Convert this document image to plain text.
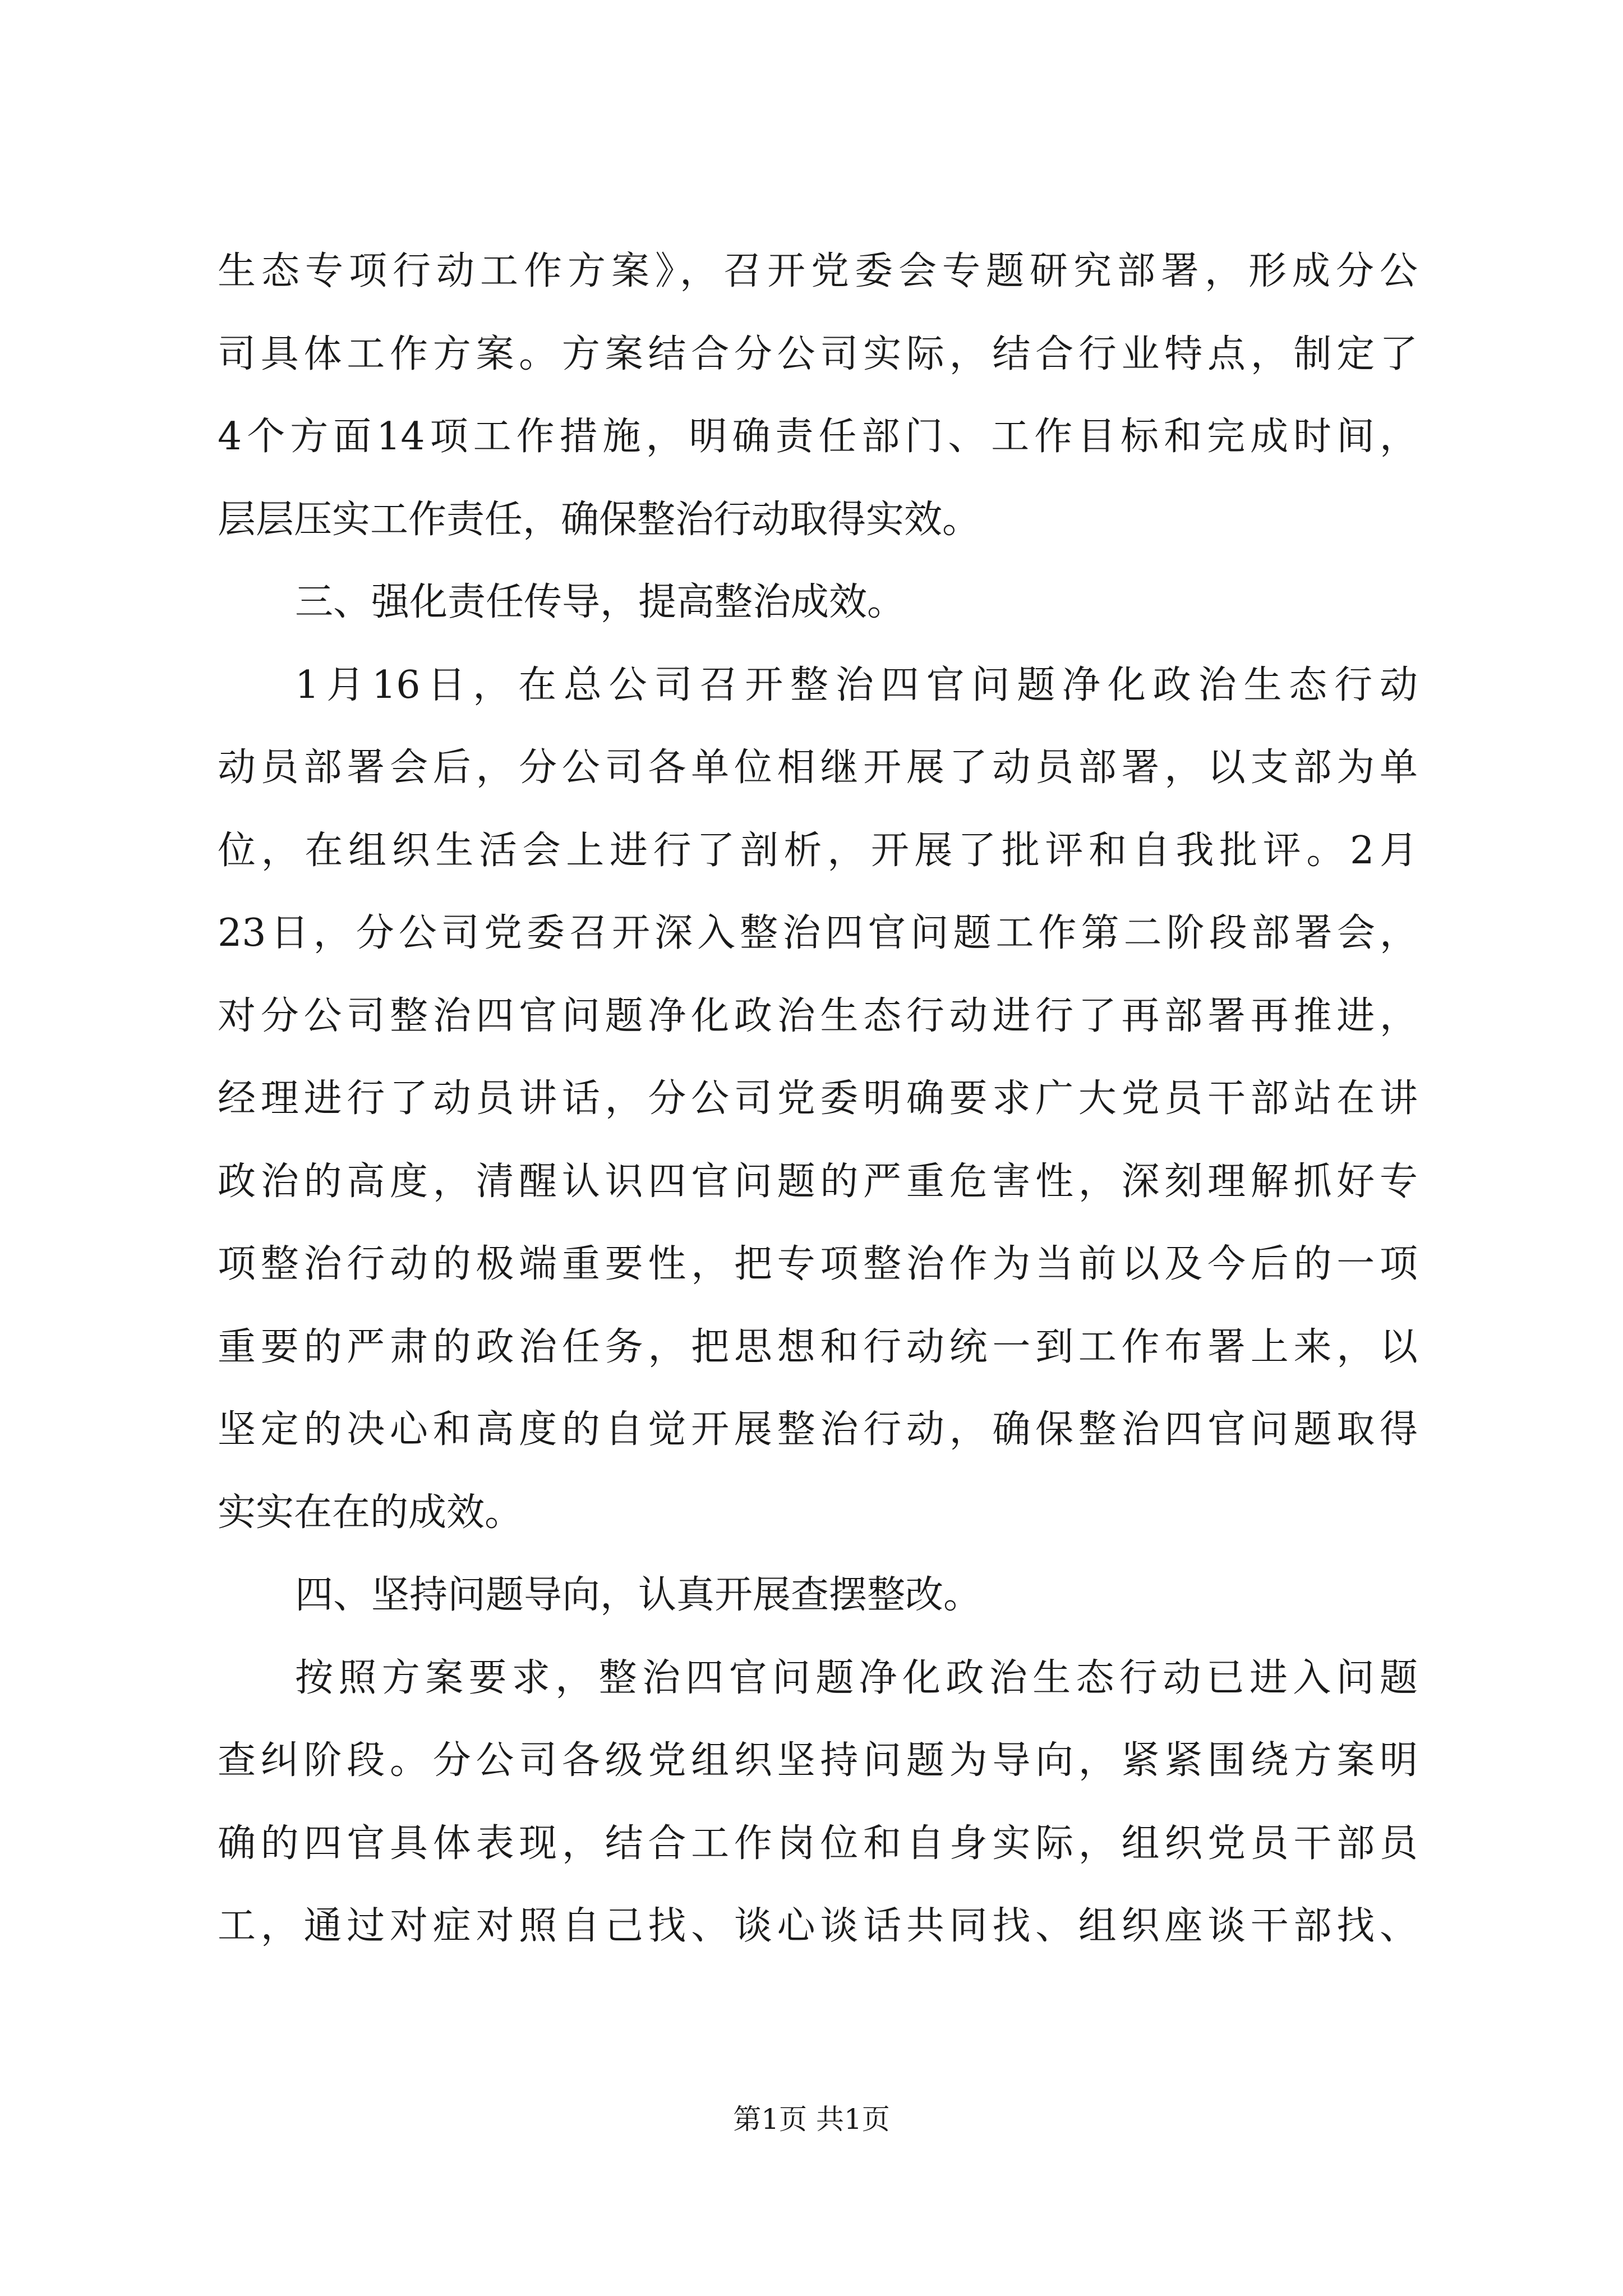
生态专项行动工作方案》，召开党委会专题研究部署，形成分公
司具体工作方案。方案结合分公司实际，结合行业特点，制定了
4个方面14项工作措施，明确责任部门、工作目标和完成时间，
层层压实工作责任，确保整治行动取得实效。
三、强化责任传导，提高整治成效。
1月16日，在总公司召开整治四官问题净化政治生态行动
动员部署会后，分公司各单位相继开展了动员部署，以支部为单
位，在组织生活会上进行了剖析，开展了批评和自我批评。2月
23日，分公司党委召开深入整治四官问题工作第二阶段部署会，
对分公司整治四官问题净化政治生态行动进行了再部署再推进，
经理进行了动员讲话，分公司党委明确要求广大党员干部站在讲
政治的高度，清醒认识四官问题的严重危害性，深刻理解抓好专
项整治行动的极端重要性，把专项整治作为当前以及今后的一项
重要的严肃的政治任务，把思想和行动统一到工作布署上来，以
坚定的决心和高度的自觉开展整治行动，确保整治四官问题取得
实实在在的成效。
四、坚持问题导向，认真开展查摆整改。
按照方案要求，整治四官问题净化政治生态行动已进入问题
查纠阶段。分公司各级党组织坚持问题为导向，紧紧围绕方案明
确的四官具体表现，结合工作岗位和自身实际，组织党员干部员
工，通过对症对照自己找、谈心谈话共同找、组织座谈干部找、
第1页 共1页
